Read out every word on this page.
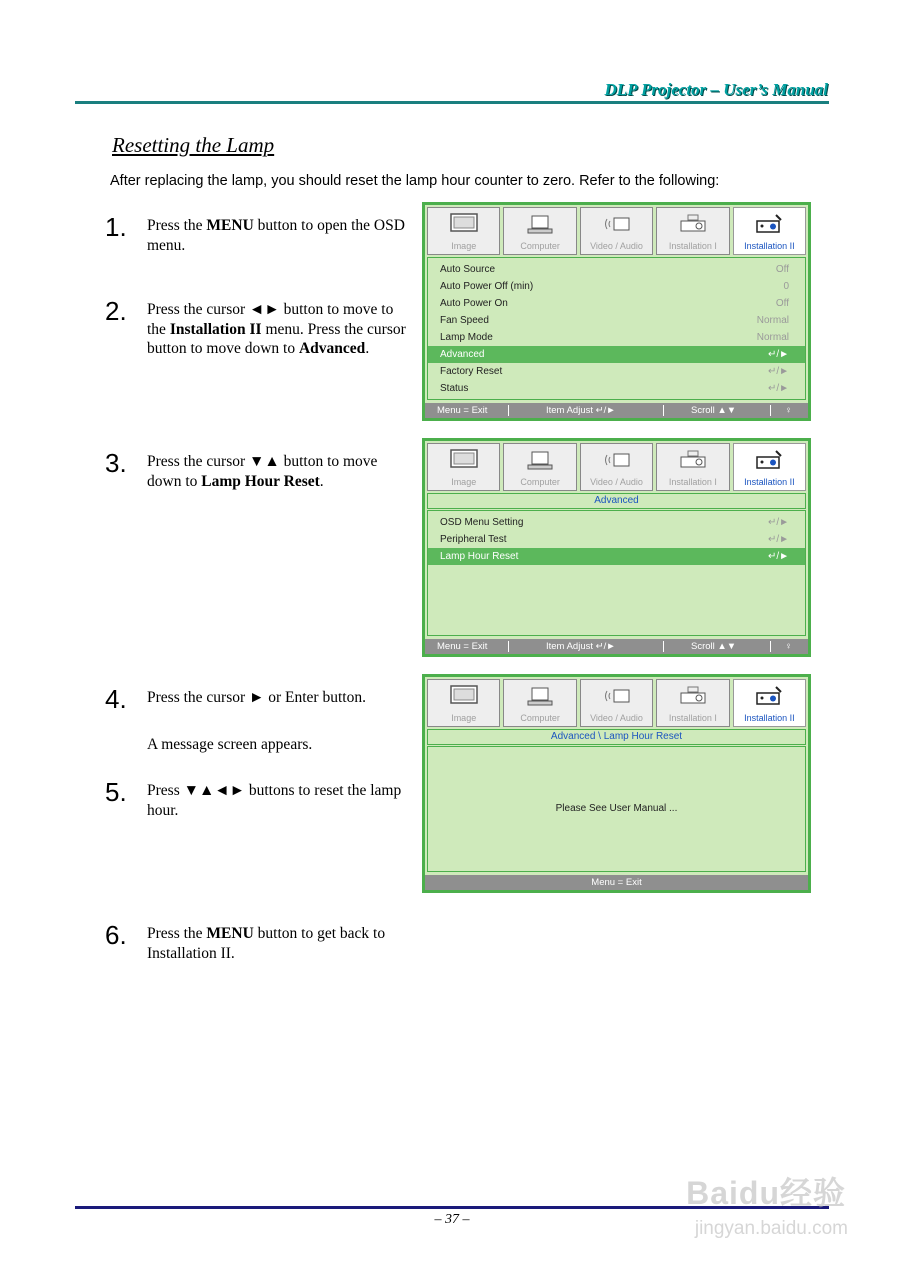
DLP Projector – User’s Manual
Resetting the Lamp
After replacing the lamp, you should reset the lamp hour counter to zero. Refer to the following:
1. Press the MENU button to open the OSD menu.
2. Press the cursor ◄► button to move to the Installation II menu. Press the cursor button to move down to Advanced.
3. Press the cursor ▼▲ button to move down to Lamp Hour Reset.
4. Press the cursor ► or Enter button.
A message screen appears.
5. Press ▼▲◄► buttons to reset the lamp hour.
6. Press the MENU button to get back to Installation II.
Image	Computer	Video / Audio	Installation I	Installation II
Auto Source	Off
Auto Power Off (min)	0
Auto Power On	Off
Fan Speed	Normal
Lamp Mode	Normal
Advanced	↵/►
Factory Reset	↵/►
Status	↵/►
Menu = Exit	Item Adjust ↵/►	Scroll ▲▼	♀
Image	Computer	Video / Audio	Installation I	Installation II
Advanced
OSD Menu Setting	↵/►
Peripheral Test	↵/►
Lamp Hour Reset	↵/►
Menu = Exit	Item Adjust ↵/►	Scroll ▲▼	♀
Image	Computer	Video / Audio	Installation I	Installation II
Advanced \ Lamp Hour Reset
Please See User Manual ...
Menu = Exit
– 37 –
Baidu经验
jingyan.baidu.com
